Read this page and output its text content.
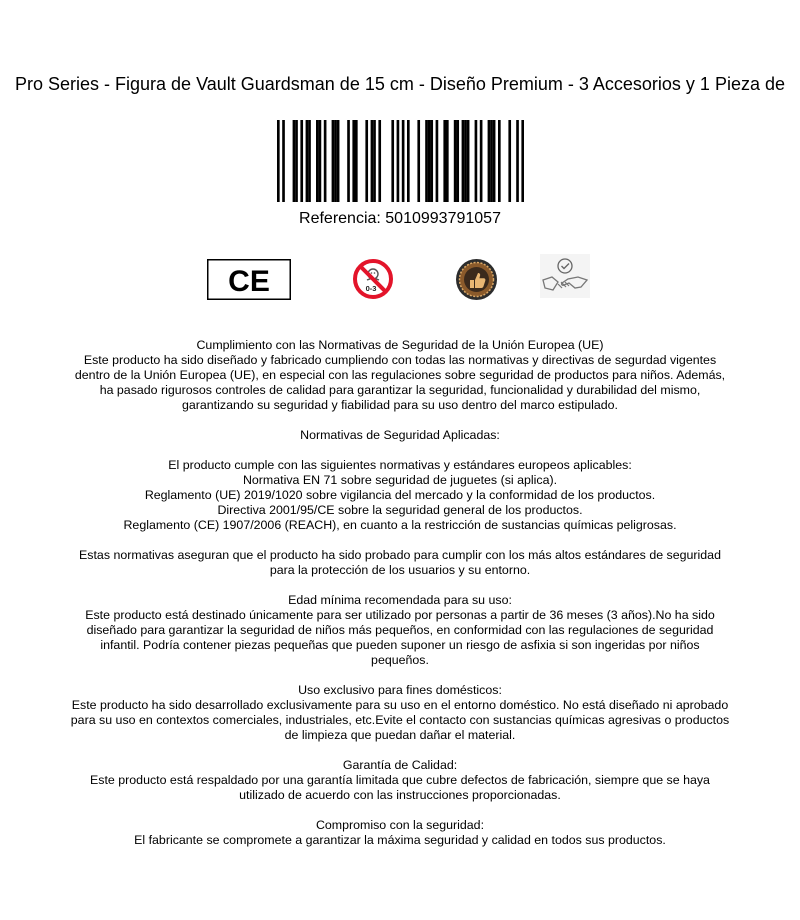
Pro Series - Figura de Vault Guardsman de 15 cm - Diseño Premium - 3 Accesorios y 1 Pieza de
Referencia: 5010993791057
CE	0-3

Cumplimiento con las Normativas de Seguridad de la Unión Europea (UE)
Este producto ha sido diseñado y fabricado cumpliendo con todas las normativas y directivas de segurdad vigentes dentro de la Unión Europea (UE), en especial con las regulaciones sobre seguridad de productos para niños. Además, ha pasado rigurosos controles de calidad para garantizar la seguridad, funcionalidad y durabilidad del mismo, garantizando su seguridad y fiabilidad para su uso dentro del marco estipulado.

Normativas de Seguridad Aplicadas:

El producto cumple con las siguientes normativas y estándares europeos aplicables:
Normativa EN 71 sobre seguridad de juguetes (si aplica).
Reglamento (UE) 2019/1020 sobre vigilancia del mercado y la conformidad de los productos.
Directiva 2001/95/CE sobre la seguridad general de los productos.
Reglamento (CE) 1907/2006 (REACH), en cuanto a la restricción de sustancias químicas peligrosas.

Estas normativas aseguran que el producto ha sido probado para cumplir con los más altos estándares de seguridad para la protección de los usuarios y su entorno.

Edad mínima recomendada para su uso:
Este producto está destinado únicamente para ser utilizado por personas a partir de 36 meses (3 años).No ha sido diseñado para garantizar la seguridad de niños más pequeños, en conformidad con las regulaciones de seguridad infantil. Podría contener piezas pequeñas que pueden suponer un riesgo de asfixia si son ingeridas por niños pequeños.

Uso exclusivo para fines domésticos:
Este producto ha sido desarrollado exclusivamente para su uso en el entorno doméstico. No está diseñado ni aprobado para su uso en contextos comerciales, industriales, etc.Evite el contacto con sustancias químicas agresivas o productos de limpieza que puedan dañar el material.

Garantía de Calidad:
Este producto está respaldado por una garantía limitada que cubre defectos de fabricación, siempre que se haya utilizado de acuerdo con las instrucciones proporcionadas.

Compromiso con la seguridad:
El fabricante se compromete a garantizar la máxima seguridad y calidad en todos sus productos.
